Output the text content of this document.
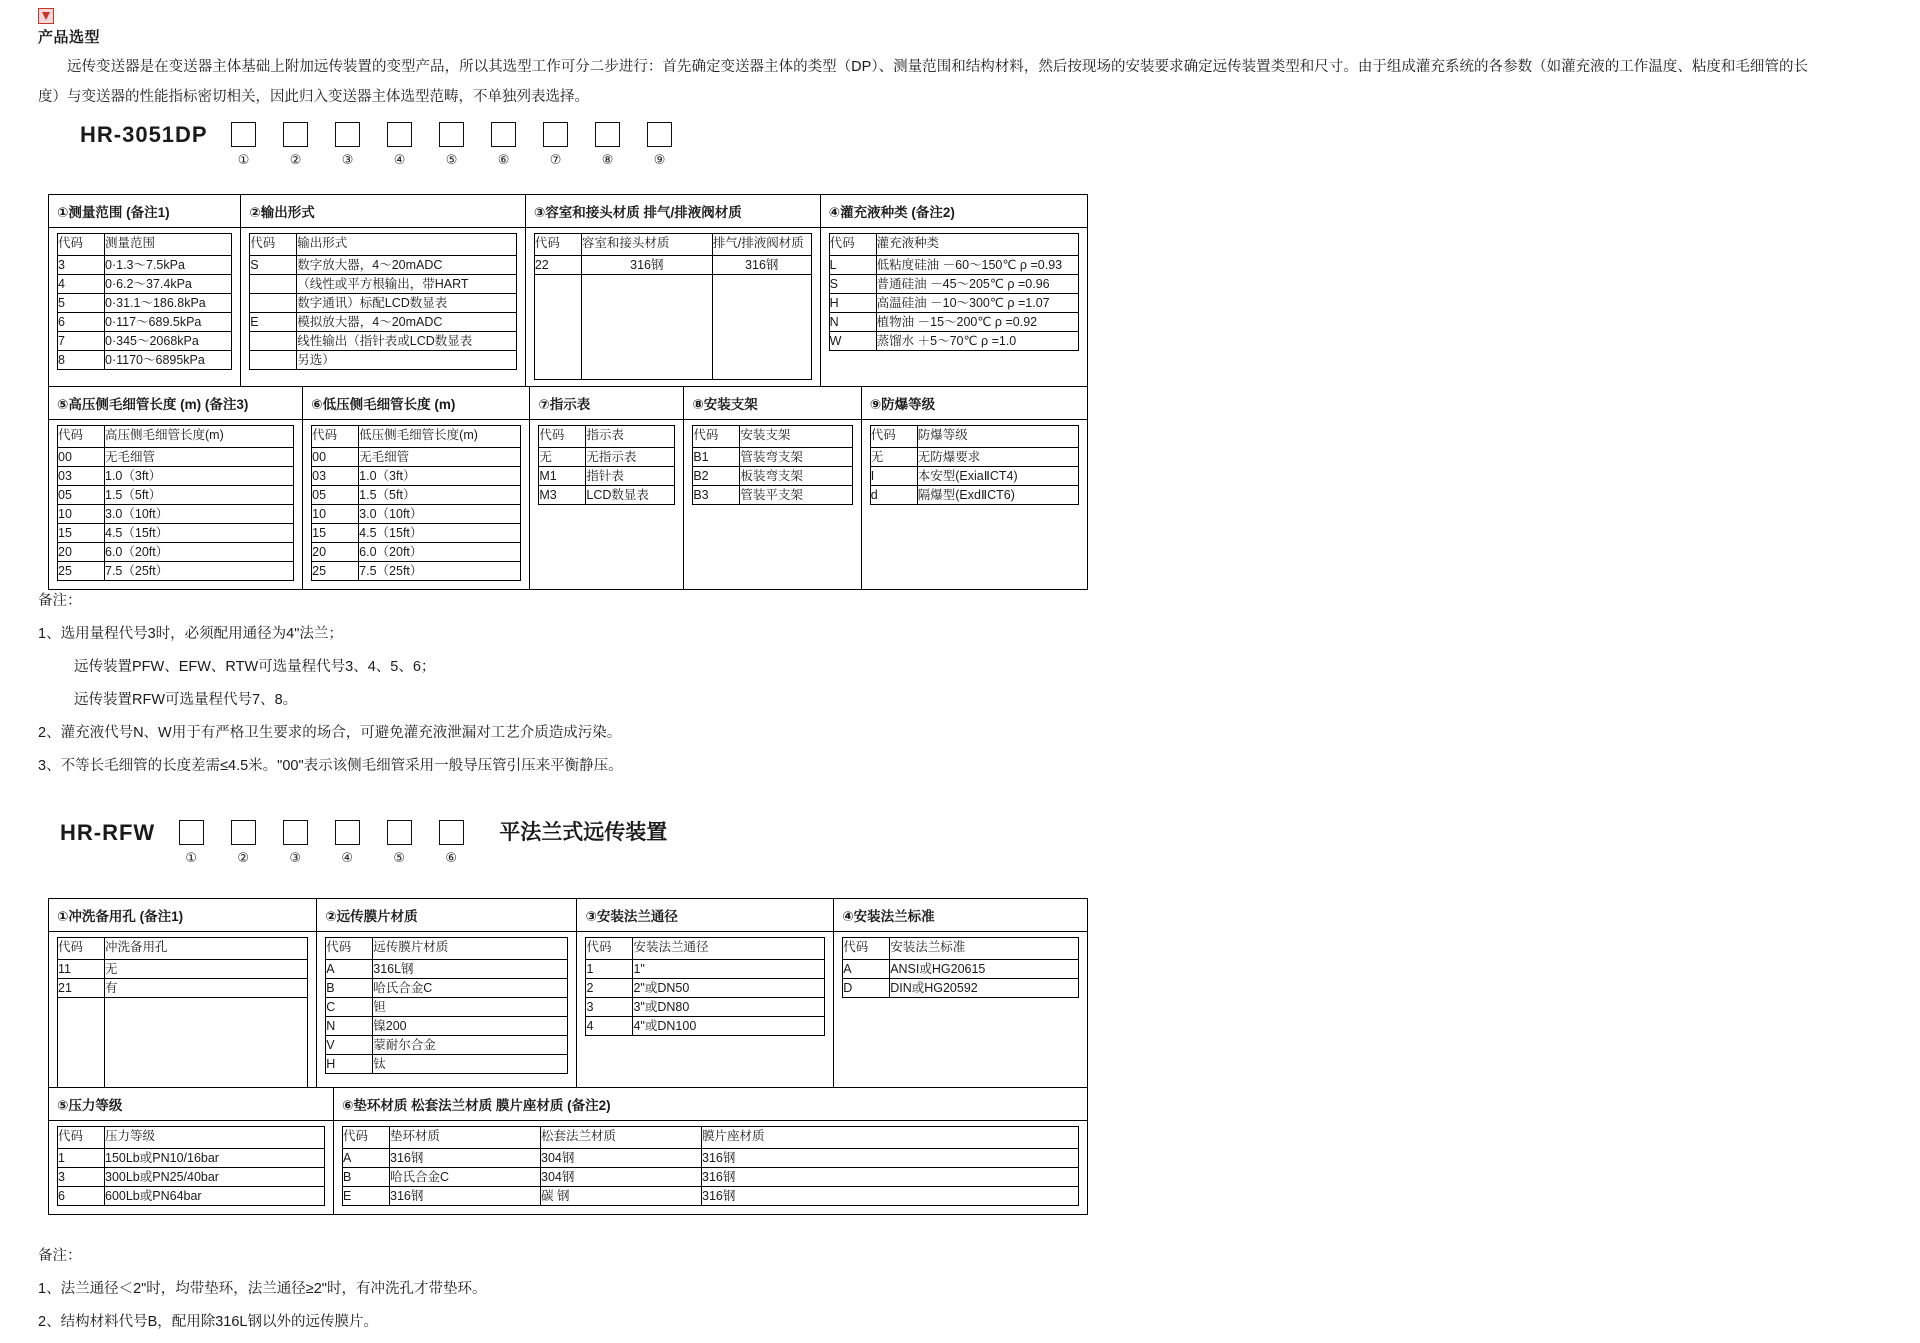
产品选型

远传变送器是在变送器主体基础上附加远传装置的变型产品，所以其选型工作可分二步进行：首先确定变送器主体的类型（DP）、测量范围和结构材料，然后按现场的安装要求确定远传装置类型和尺寸。由于组成灌充系统的各参数（如灌充液的工作温度、粘度和毛细管的长度）与变送器的性能指标密切相关，因此归入变送器主体选型范畴，不单独列表选择。

HR-3051DP
①	②	③	④	⑤	⑥	⑦	⑧	⑨
①测量范围 (备注1)	②输出形式	③容室和接头材质 排气/排液阀材质	④灌充液种类 (备注2)

代码	测量范围
3	0·1.3～7.5kPa
4	0·6.2～37.4kPa
5	0·31.1～186.8kPa
6	0·117～689.5kPa
7	0·345～2068kPa
8	0·1170～6895kPa

代码	输出形式
S	数字放大器，4～20mADC
	（线性或平方根输出，带HART
	数字通讯）标配LCD数显表
E	模拟放大器，4～20mADC
	线性输出（指针表或LCD数显表
	另选）

代码	容室和接头材质	排气/排液阀材质
22	316钢	316钢

代码	灌充液种类
L	低粘度硅油 －60～150℃ ρ =0.93
S	普通硅油 －45～205℃ ρ =0.96
H	高温硅油 －10～300℃ ρ =1.07
N	植物油 －15～200℃ ρ =0.92
W	蒸馏水 ＋5～70℃ ρ =1.0
⑤高压侧毛细管长度 (m) (备注3)	⑥低压侧毛细管长度 (m)	⑦指示表	⑧安装支架	⑨防爆等级

代码	高压侧毛细管长度(m)
00	无毛细管
03	1.0（3ft）
05	1.5（5ft）
10	3.0（10ft）
15	4.5（15ft）
20	6.0（20ft）
25	7.5（25ft）

代码	低压侧毛细管长度(m)
00	无毛细管
03	1.0（3ft）
05	1.5（5ft）
10	3.0（10ft）
15	4.5（15ft）
20	6.0（20ft）
25	7.5（25ft）

代码	指示表
无	无指示表
M1	指针表
M3	LCD数显表

代码	安装支架
B1	管装弯支架
B2	板装弯支架
B3	管装平支架

代码	防爆等级
无	无防爆要求
I	本安型(ExiaⅡCT4)
d	隔爆型(ExdⅡCT6)
备注：
1、选用量程代号3时，必须配用通径为4"法兰；
远传装置PFW、EFW、RTW可选量程代号3、4、5、6；
远传装置RFW可选量程代号7、8。
2、灌充液代号N、W用于有严格卫生要求的场合，可避免灌充液泄漏对工艺介质造成污染。
3、不等长毛细管的长度差需≤4.5米。"00"表示该侧毛细管采用一般导压管引压来平衡静压。
HR-RFW
①	②	③	④	⑤	⑥
平法兰式远传装置
①冲洗备用孔 (备注1)	②远传膜片材质	③安装法兰通径	④安装法兰标准

代码	冲洗备用孔
11	无
21	有

代码	远传膜片材质
A	316L钢
B	哈氏合金C
C	钽
N	镍200
V	蒙耐尔合金
H	钛

代码	安装法兰通径
1	1"
2	2"或DN50
3	3"或DN80
4	4"或DN100

代码	安装法兰标准
A	ANSI或HG20615
D	DIN或HG20592
⑤压力等级	⑥垫环材质 松套法兰材质 膜片座材质 (备注2)

代码	压力等级
1	150Lb或PN10/16bar
3	300Lb或PN25/40bar
6	600Lb或PN64bar

代码	垫环材质	松套法兰材质	膜片座材质
A	316钢	304钢	316钢
B	哈氏合金C	304钢	316钢
E	316钢	碳 钢	316钢
备注：
1、法兰通径＜2"时，均带垫环，法兰通径≥2"时，有冲洗孔才带垫环。
2、结构材料代号B，配用除316L钢以外的远传膜片。
